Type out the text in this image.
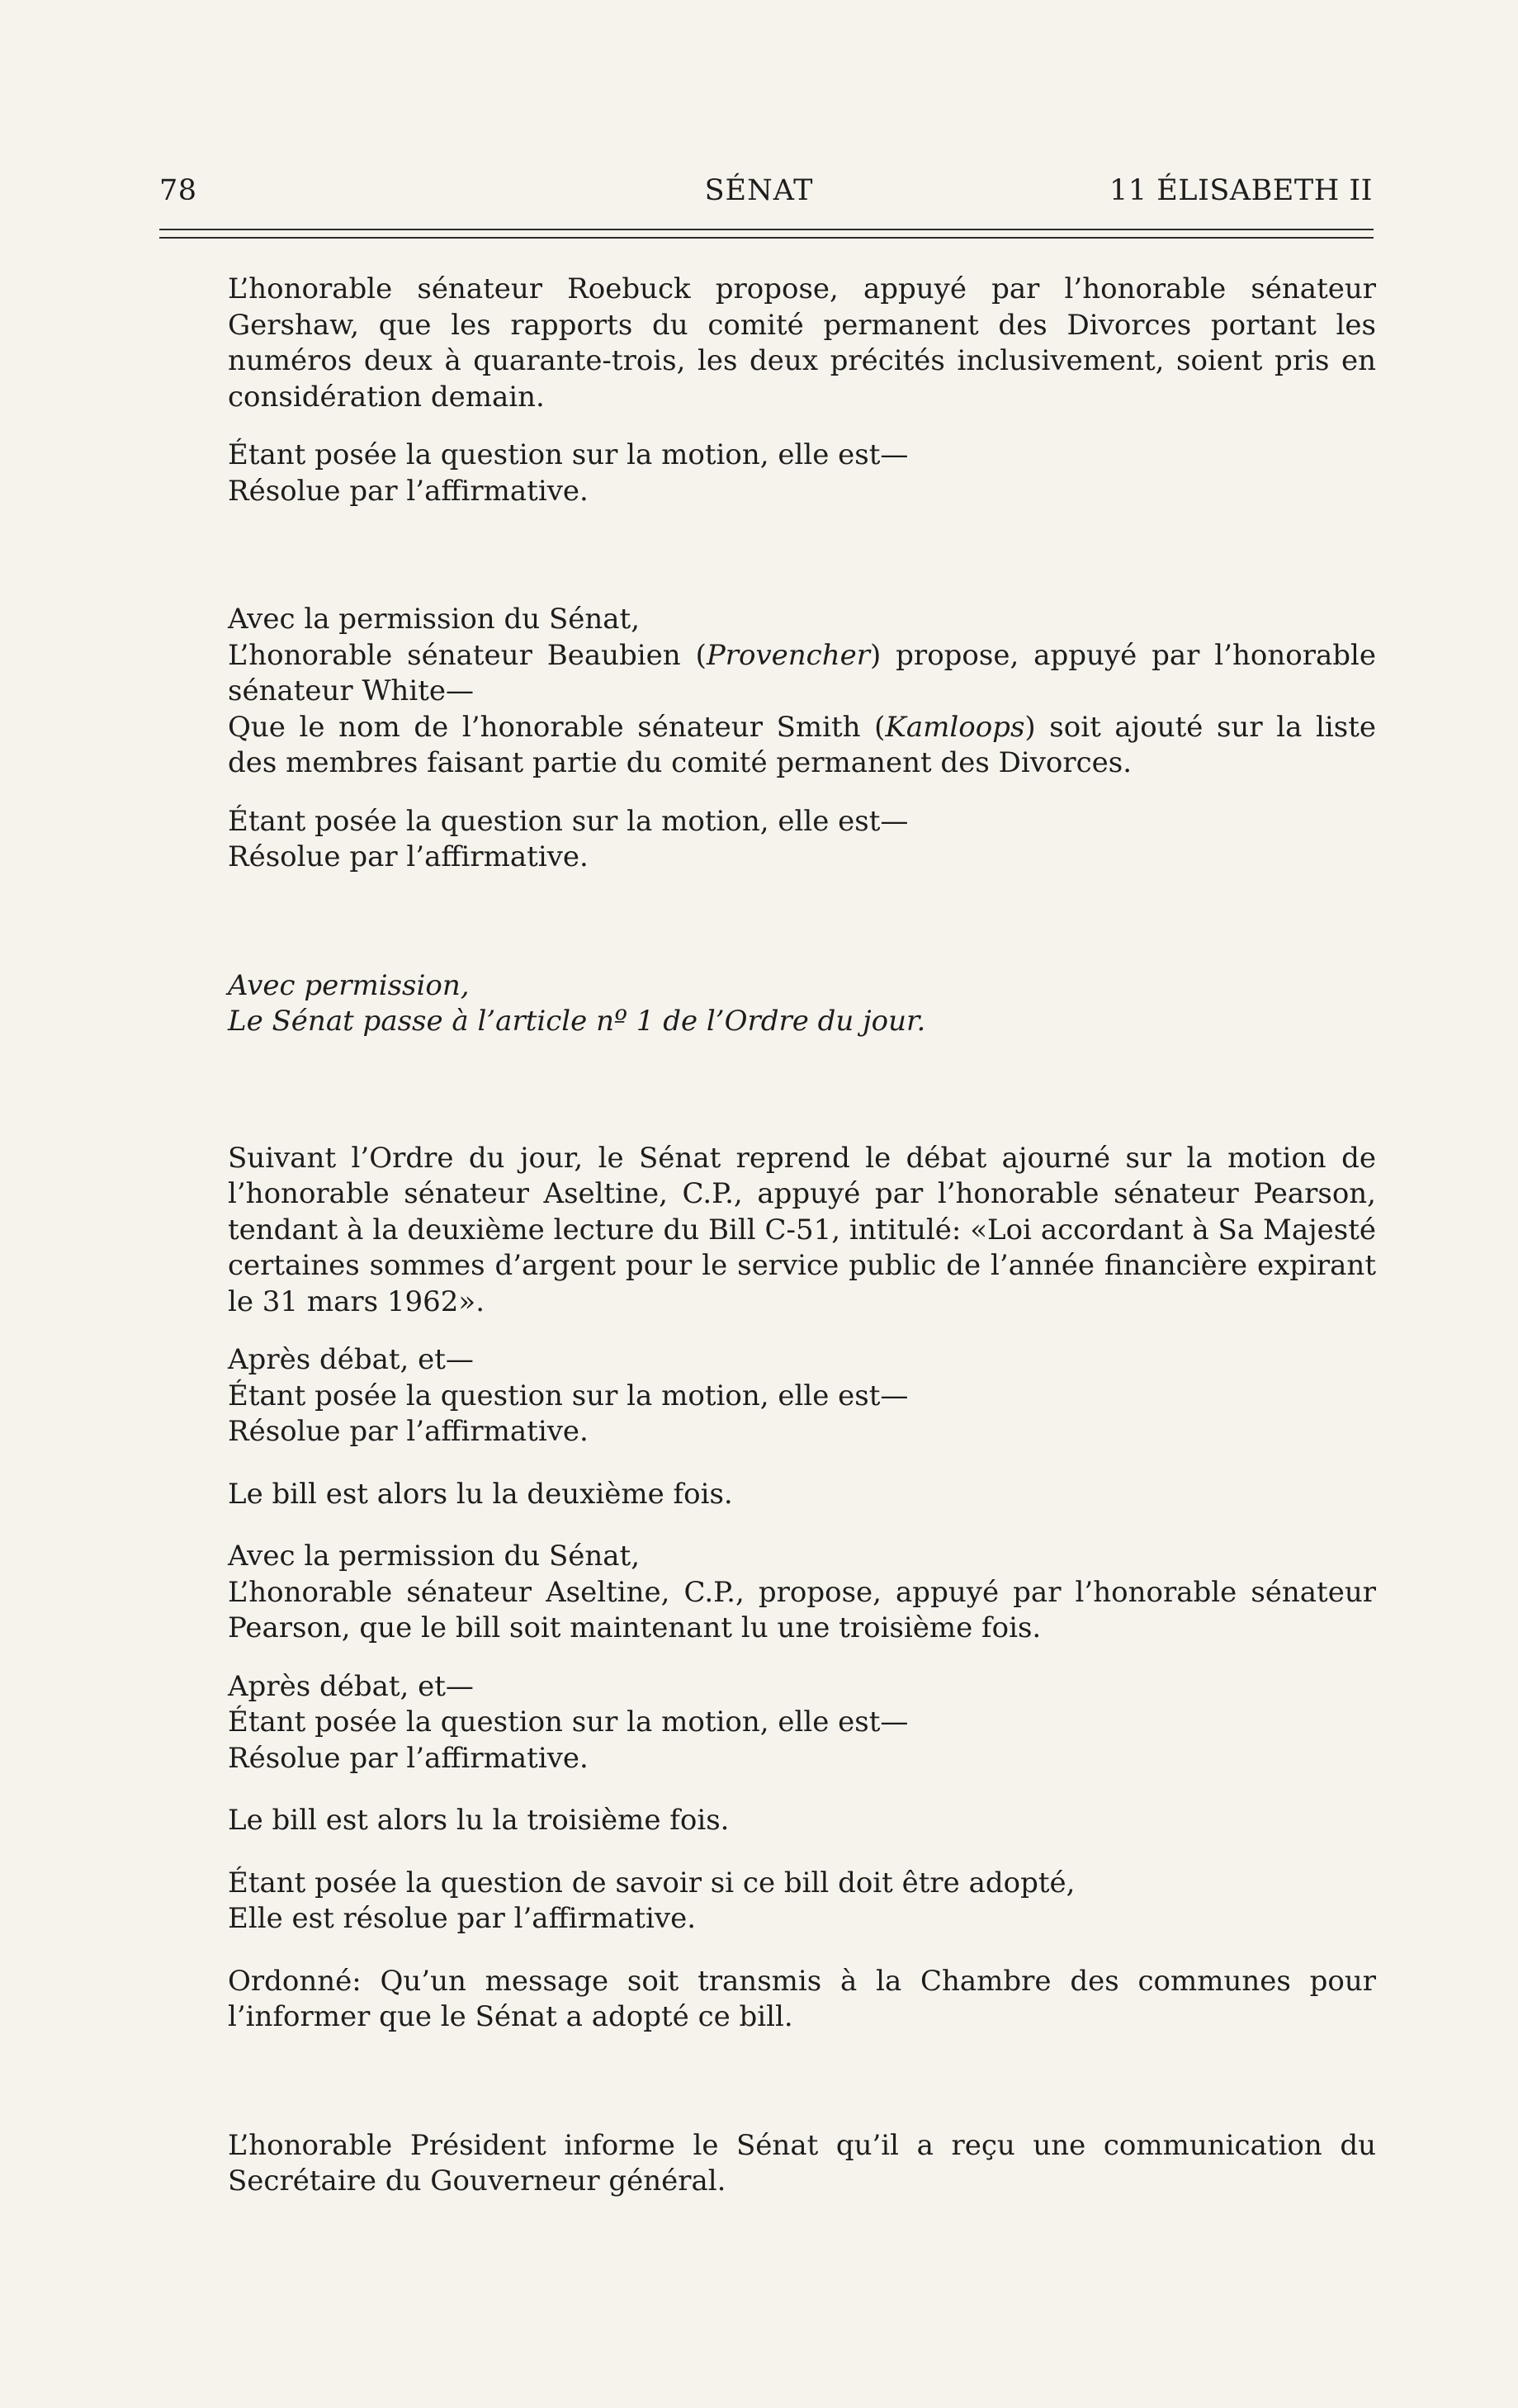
SÉNAT
78	11 ÉLISABETH II

L’honorable sénateur Roebuck propose, appuyé par l’honorable sénateur Gershaw, que les rapports du comité permanent des Divorces portant les numéros deux à quarante-trois, les deux précités inclusivement, soient pris en considération demain.

Étant posée la question sur la motion, elle est—

Résolue par l’affirmative.

Avec la permission du Sénat,

L’honorable sénateur Beaubien (Provencher) propose, appuyé par l’honorable sénateur White—

Que le nom de l’honorable sénateur Smith (Kamloops) soit ajouté sur la liste des membres faisant partie du comité permanent des Divorces.

Étant posée la question sur la motion, elle est—

Résolue par l’affirmative.

Avec permission,

Le Sénat passe à l’article nº 1 de l’Ordre du jour.

Suivant l’Ordre du jour, le Sénat reprend le débat ajourné sur la motion de l’honorable sénateur Aseltine, C.P., appuyé par l’honorable sénateur Pearson, tendant à la deuxième lecture du Bill C-51, intitulé: «Loi accordant à Sa Majesté certaines sommes d’argent pour le service public de l’année financière expirant le 31 mars 1962».

Après débat, et—

Étant posée la question sur la motion, elle est—

Résolue par l’affirmative.

Le bill est alors lu la deuxième fois.

Avec la permission du Sénat,

L’honorable sénateur Aseltine, C.P., propose, appuyé par l’honorable sénateur Pearson, que le bill soit maintenant lu une troisième fois.

Après débat, et—

Étant posée la question sur la motion, elle est—

Résolue par l’affirmative.

Le bill est alors lu la troisième fois.

Étant posée la question de savoir si ce bill doit être adopté,

Elle est résolue par l’affirmative.

Ordonné: Qu’un message soit transmis à la Chambre des communes pour l’informer que le Sénat a adopté ce bill.

L’honorable Président informe le Sénat qu’il a reçu une communication du Secrétaire du Gouverneur général.
